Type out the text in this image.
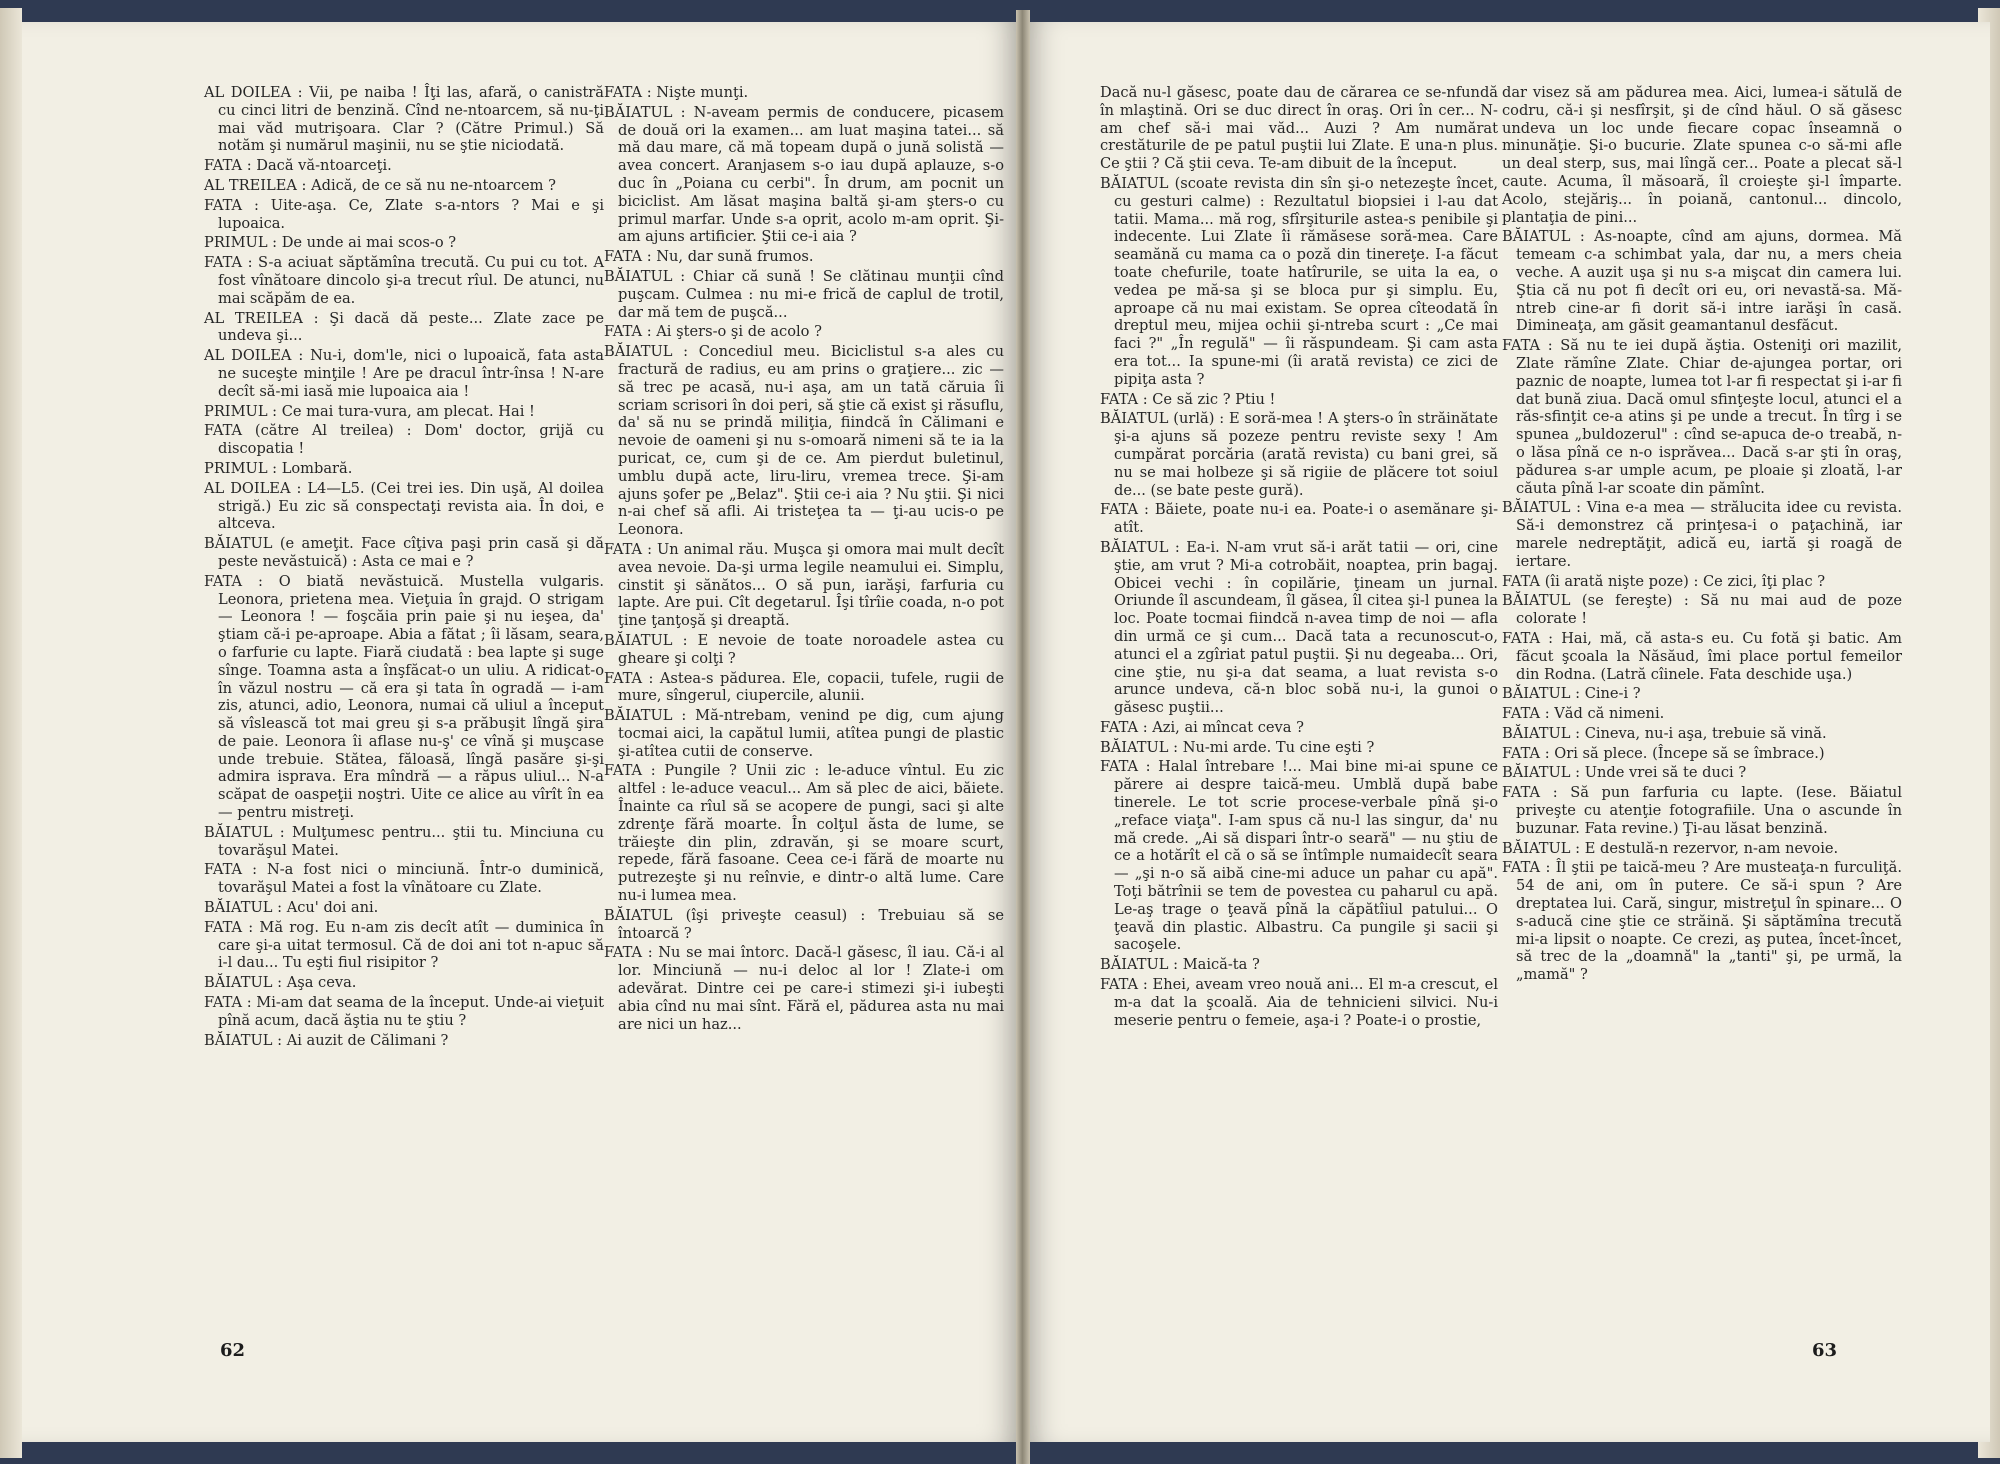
AL DOILEA : Vii, pe naiba ! Îţi las, afară, o canistră cu cinci litri de benzină. Cînd ne-ntoarcem, să nu-ţi mai văd mutrişoara. Clar ? (Către Primul.) Să notăm şi numărul maşinii, nu se ştie niciodată.

FATA : Dacă vă-ntoarceţi.

AL TREILEA : Adică, de ce să nu ne-ntoarcem ?

FATA : Uite-aşa. Ce, Zlate s-a-ntors ? Mai e şi lupoaica.

PRIMUL : De unde ai mai scos-o ?

FATA : S-a aciuat săptămîna trecută. Cu pui cu tot. A fost vînătoare dincolo şi-a trecut rîul. De atunci, nu mai scăpăm de ea.

AL TREILEA : Şi dacă dă peste... Zlate zace pe undeva şi...

AL DOILEA : Nu-i, dom'le, nici o lupoaică, fata asta ne suceşte minţile ! Are pe dracul într-însa ! N-are decît să-mi iasă mie lupoaica aia !

PRIMUL : Ce mai tura-vura, am plecat. Hai !

FATA (către Al treilea) : Dom' doctor, grijă cu discopatia !

PRIMUL : Lombară.

AL DOILEA : L4—L5. (Cei trei ies. Din uşă, Al doilea strigă.) Eu zic să conspectaţi revista aia. În doi, e altceva.

BĂIATUL (e ameţit. Face cîţiva paşi prin casă şi dă peste nevăstuică) : Asta ce mai e ?

FATA : O biată nevăstuică. Mustella vulgaris. Leonora, prietena mea. Vieţuia în grajd. O strigam — Leonora ! — foşcăia prin paie şi nu ieşea, da' ştiam că-i pe-aproape. Abia a fătat ; îi lăsam, seara, o farfurie cu lapte. Fiară ciudată : bea lapte şi suge sînge. Toamna asta a înşfăcat-o un uliu. A ridicat-o în văzul nostru — că era şi tata în ogradă — i-am zis, atunci, adio, Leonora, numai că uliul a început să vîslească tot mai greu şi s-a prăbuşit lîngă şira de paie. Leonora îi aflase nu-ş' ce vînă şi muşcase unde trebuie. Stătea, făloasă, lîngă pasăre şi-şi admira isprava. Era mîndră — a răpus uliul... N-a scăpat de oaspeţii noştri. Uite ce alice au vîrît în ea — pentru mistreţi.

BĂIATUL : Mulţumesc pentru... ştii tu. Minciuna cu tovarăşul Matei.

FATA : N-a fost nici o minciună. Într-o duminică, tovarăşul Matei a fost la vînătoare cu Zlate.

BĂIATUL : Acu' doi ani.

FATA : Mă rog. Eu n-am zis decît atît — duminica în care şi-a uitat termosul. Că de doi ani tot n-apuc să i-l dau... Tu eşti fiul risipitor ?

BĂIATUL : Aşa ceva.

FATA : Mi-am dat seama de la început. Unde-ai vieţuit pînă acum, dacă ăştia nu te ştiu ?

BĂIATUL : Ai auzit de Călimani ?

FATA : Nişte munţi.

BĂIATUL : N-aveam permis de conducere, picasem de două ori la examen... am luat maşina tatei... să mă dau mare, că mă topeam după o jună solistă — avea concert. Aranjasem s-o iau după aplauze, s-o duc în „Poiana cu cerbi". În drum, am pocnit un biciclist. Am lăsat maşina baltă şi-am şters-o cu primul marfar. Unde s-a oprit, acolo m-am oprit. Şi-am ajuns artificier. Ştii ce-i aia ?

FATA : Nu, dar sună frumos.

BĂIATUL : Chiar că sună ! Se clătinau munţii cînd puşcam. Culmea : nu mi-e frică de caplul de trotil, dar mă tem de puşcă...

FATA : Ai şters-o şi de acolo ?

BĂIATUL : Concediul meu. Biciclistul s-a ales cu fractură de radius, eu am prins o graţiere... zic — să trec pe acasă, nu-i aşa, am un tată căruia îi scriam scrisori în doi peri, să ştie că exist şi răsuflu, da' să nu se prindă miliţia, fiindcă în Călimani e nevoie de oameni şi nu s-omoară nimeni să te ia la puricat, ce, cum şi de ce. Am pierdut buletinul, umblu după acte, liru-liru, vremea trece. Şi-am ajuns şofer pe „Belaz". Ştii ce-i aia ? Nu ştii. Şi nici n-ai chef să afli. Ai tristeţea ta — ţi-au ucis-o pe Leonora.

FATA : Un animal rău. Muşca şi omora mai mult decît avea nevoie. Da-şi urma legile neamului ei. Simplu, cinstit şi sănătos... O să pun, iarăşi, farfuria cu lapte. Are pui. Cît degetarul. Îşi tîrîie coada, n-o pot ţine ţanţoşă şi dreaptă.

BĂIATUL : E nevoie de toate noroadele astea cu gheare şi colţi ?

FATA : Astea-s pădurea. Ele, copacii, tufele, rugii de mure, sîngerul, ciupercile, alunii.

BĂIATUL : Mă-ntrebam, venind pe dig, cum ajung tocmai aici, la capătul lumii, atîtea pungi de plastic şi-atîtea cutii de conserve.

FATA : Pungile ? Unii zic : le-aduce vîntul. Eu zic altfel : le-aduce veacul... Am să plec de aici, băiete. Înainte ca rîul să se acopere de pungi, saci şi alte zdrenţe fără moarte. În colţul ăsta de lume, se trăieşte din plin, zdravăn, şi se moare scurt, repede, fără fasoane. Ceea ce-i fără de moarte nu putrezeşte şi nu reînvie, e dintr-o altă lume. Care nu-i lumea mea.

BĂIATUL (îşi priveşte ceasul) : Trebuiau să se întoarcă ?

FATA : Nu se mai întorc. Dacă-l găsesc, îl iau. Că-i al lor. Minciună — nu-i deloc al lor ! Zlate-i om adevărat. Dintre cei pe care-i stimezi şi-i iubeşti abia cînd nu mai sînt. Fără el, pădurea asta nu mai are nici un haz...

62

Dacă nu-l găsesc, poate dau de cărarea ce se-nfundă în mlaştină. Ori se duc direct în oraş. Ori în cer... N-am chef să-i mai văd... Auzi ? Am numărat crestăturile de pe patul puştii lui Zlate. E una-n plus. Ce ştii ? Că ştii ceva. Te-am dibuit de la început.

BĂIATUL (scoate revista din sîn şi-o netezeşte încet, cu gesturi calme) : Rezultatul biopsiei i l-au dat tatii. Mama... mă rog, sfîrşiturile astea-s penibile şi indecente. Lui Zlate îi rămăsese soră-mea. Care seamănă cu mama ca o poză din tinereţe. I-a făcut toate chefurile, toate hatîrurile, se uita la ea, o vedea pe mă-sa şi se bloca pur şi simplu. Eu, aproape că nu mai existam. Se oprea cîteodată în dreptul meu, mijea ochii şi-ntreba scurt : „Ce mai faci ?" „În regulă" — îi răspundeam. Şi cam asta era tot... Ia spune-mi (îi arată revista) ce zici de pipiţa asta ?

FATA : Ce să zic ? Ptiu !

BĂIATUL (urlă) : E soră-mea ! A şters-o în străinătate şi-a ajuns să pozeze pentru reviste sexy ! Am cumpărat porcăria (arată revista) cu bani grei, să nu se mai holbeze şi să rigiie de plăcere tot soiul de... (se bate peste gură).

FATA : Băiete, poate nu-i ea. Poate-i o asemănare şi-atît.

BĂIATUL : Ea-i. N-am vrut să-i arăt tatii — ori, cine ştie, am vrut ? Mi-a cotrobăit, noaptea, prin bagaj. Obicei vechi : în copilărie, ţineam un jurnal. Oriunde îl ascundeam, îl găsea, îl citea şi-l punea la loc. Poate tocmai fiindcă n-avea timp de noi — afla din urmă ce şi cum... Dacă tata a recunoscut-o, atunci el a zgîriat patul puştii. Şi nu degeaba... Ori, cine ştie, nu şi-a dat seama, a luat revista s-o arunce undeva, că-n bloc sobă nu-i, la gunoi o găsesc puştii...

FATA : Azi, ai mîncat ceva ?

BĂIATUL : Nu-mi arde. Tu cine eşti ?

FATA : Halal întrebare !... Mai bine mi-ai spune ce părere ai despre taică-meu. Umblă după babe tinerele. Le tot scrie procese-verbale pînă şi-o „reface viaţa". I-am spus că nu-l las singur, da' nu mă crede. „Ai să dispari într-o seară" — nu ştiu de ce a hotărît el că o să se întîmple numaidecît seara — „şi n-o să aibă cine-mi aduce un pahar cu apă". Toţi bătrînii se tem de povestea cu paharul cu apă. Le-aş trage o ţeavă pînă la căpătîiul patului... O ţeavă din plastic. Albastru. Ca pungile şi sacii şi sacoşele.

BĂIATUL : Maică-ta ?

FATA : Ehei, aveam vreo nouă ani... El m-a crescut, el m-a dat la şcoală. Aia de tehnicieni silvici. Nu-i meserie pentru o femeie, aşa-i ? Poate-i o prostie,

dar visez să am pădurea mea. Aici, lumea-i sătulă de codru, că-i şi nesfîrşit, şi de cînd hăul. O să găsesc undeva un loc unde fiecare copac înseamnă o minunăţie. Şi-o bucurie. Zlate spunea c-o să-mi afle un deal sterp, sus, mai lîngă cer... Poate a plecat să-l caute. Acuma, îl măsoară, îl croieşte şi-l împarte. Acolo, stejăriş... în poiană, cantonul... dincolo, plantaţia de pini...

BĂIATUL : As-noapte, cînd am ajuns, dormea. Mă temeam c-a schimbat yala, dar nu, a mers cheia veche. A auzit uşa şi nu s-a mişcat din camera lui. Ştia că nu pot fi decît ori eu, ori nevastă-sa. Mă-ntreb cine-ar fi dorit să-i intre iarăşi în casă. Dimineaţa, am găsit geamantanul desfăcut.

FATA : Să nu te iei după ăştia. Osteniţi ori mazilit, Zlate rămîne Zlate. Chiar de-ajungea portar, ori paznic de noapte, lumea tot l-ar fi respectat şi i-ar fi dat bună ziua. Dacă omul sfinţeşte locul, atunci el a răs-sfinţit ce-a atins şi pe unde a trecut. În tîrg i se spunea „buldozerul" : cînd se-apuca de-o treabă, n-o lăsa pînă ce n-o isprăvea... Dacă s-ar şti în oraş, pădurea s-ar umple acum, pe ploaie şi zloată, l-ar căuta pînă l-ar scoate din pămînt.

BĂIATUL : Vina e-a mea — strălucita idee cu revista. Să-i demonstrez că prinţesa-i o paţachină, iar marele nedreptăţit, adică eu, iartă şi roagă de iertare.

FATA (îi arată nişte poze) : Ce zici, îţi plac ?

BĂIATUL (se fereşte) : Să nu mai aud de poze colorate !

FATA : Hai, mă, că asta-s eu. Cu fotă şi batic. Am făcut şcoala la Năsăud, îmi place portul femeilor din Rodna. (Latră cîinele. Fata deschide uşa.)

BĂIATUL : Cine-i ?

FATA : Văd că nimeni.

BĂIATUL : Cineva, nu-i aşa, trebuie să vină.

FATA : Ori să plece. (Începe să se îmbrace.)

BĂIATUL : Unde vrei să te duci ?

FATA : Să pun farfuria cu lapte. (Iese. Băiatul priveşte cu atenţie fotografiile. Una o ascunde în buzunar. Fata revine.) Ţi-au lăsat benzină.

BĂIATUL : E destulă-n rezervor, n-am nevoie.

FATA : Îl ştii pe taică-meu ? Are musteaţa-n furculiţă. 54 de ani, om în putere. Ce să-i spun ? Are dreptatea lui. Cară, singur, mistreţul în spinare... O s-aducă cine ştie ce străină. Şi săptămîna trecută mi-a lipsit o noapte. Ce crezi, aş putea, încet-încet, să trec de la „doamnă" la „tanti" şi, pe urmă, la „mamă" ?

63
